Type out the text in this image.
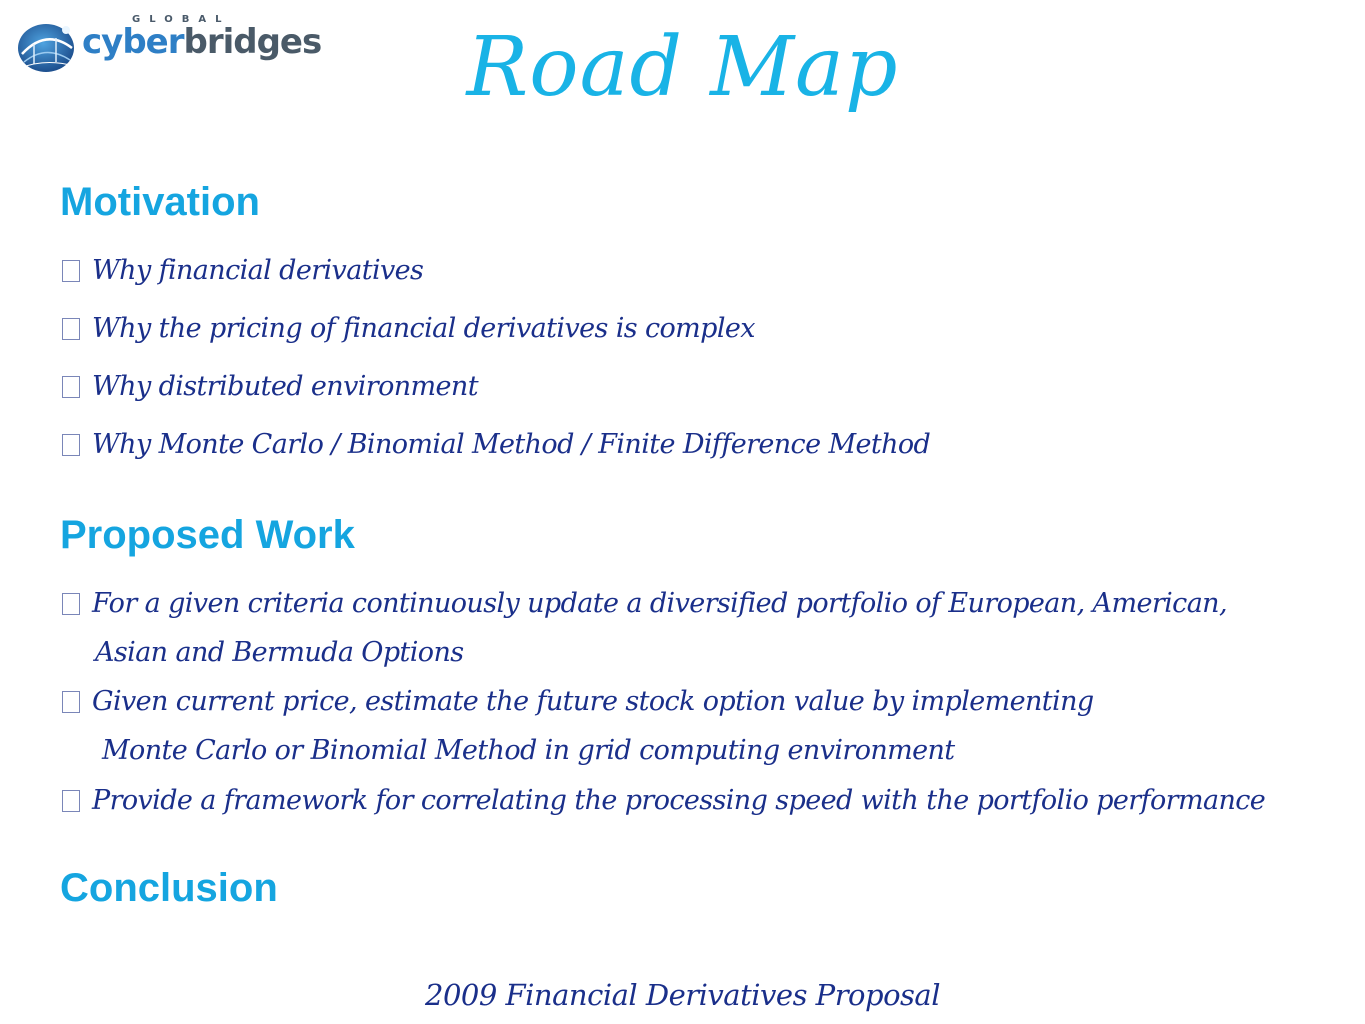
GLOBAL
cyberbridges	Road Map
Motivation
Why financial derivatives
Why the pricing of financial derivatives is complex
Why distributed environment
Why Monte Carlo / Binomial Method / Finite Difference Method
Proposed Work
For a given criteria continuously update a diversified portfolio of European, American,
Asian and Bermuda Options
Given current price, estimate the future stock option value by implementing
Monte Carlo or Binomial Method in grid computing environment
Provide a framework for correlating the processing speed with the portfolio performance
Conclusion
2009 Financial Derivatives Proposal
